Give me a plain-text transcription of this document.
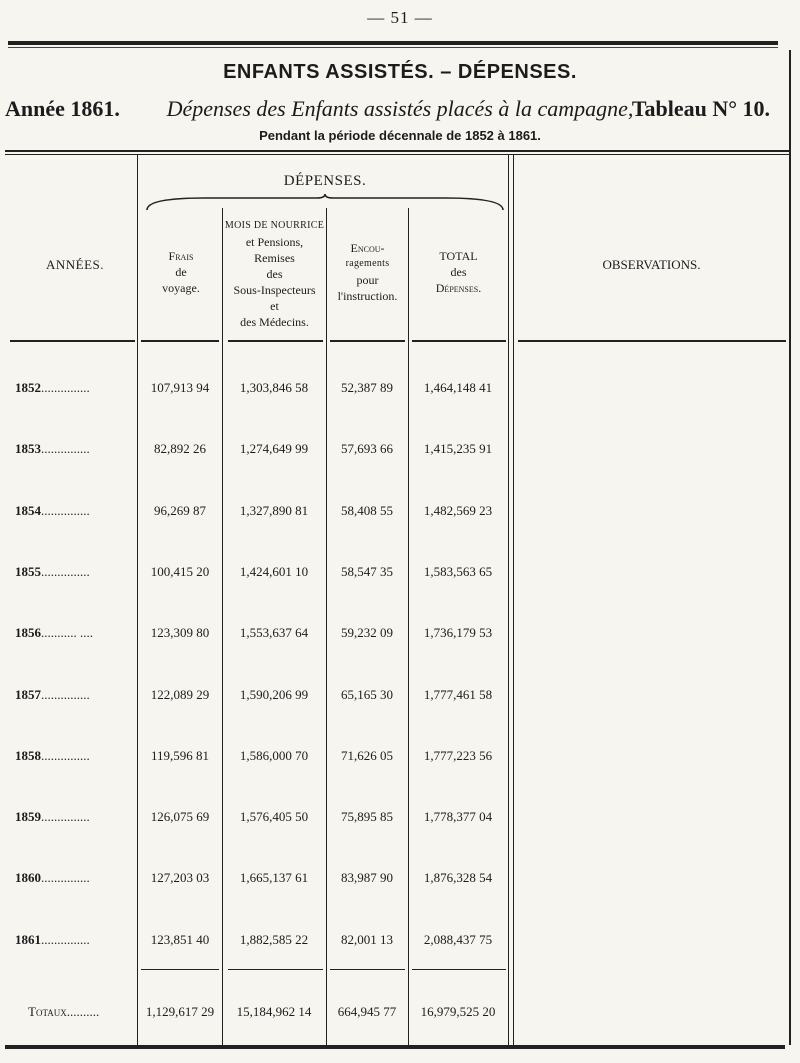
— 51 —
ENFANTS ASSISTÉS. – DÉPENSES.
Année 1861.	Dépenses des Enfants assistés placés à la campagne,
Tableau N° 10.
Pendant la période décennale de 1852 à 1861.
DÉPENSES.
ANNÉES.
Frais
de
voyage.
MOIS DE NOURRICE
et Pensions,
Remises
des
Sous-Inspecteurs
et
des Médecins.
Encou-
ragements
pour
l'instruction.
TOTAL
des
Dépenses.
OBSERVATIONS.
1852...............	107,913 94	1,303,846 58	52,387 89	1,464,148 41
1853...............	82,892 26	1,274,649 99	57,693 66	1,415,235 91
1854...............	96,269 87	1,327,890 81	58,408 55	1,482,569 23
1855...............	100,415 20	1,424,601 10	58,547 35	1,583,563 65
1856........... ....	123,309 80	1,553,637 64	59,232 09	1,736,179 53
1857...............	122,089 29	1,590,206 99	65,165 30	1,777,461 58
1858...............	119,596 81	1,586,000 70	71,626 05	1,777,223 56
1859...............	126,075 69	1,576,405 50	75,895 85	1,778,377 04
1860...............	127,203 03	1,665,137 61	83,987 90	1,876,328 54
1861...............	123,851 40	1,882,585 22	82,001 13	2,088,437 75
Totaux..........	1,129,617 29	15,184,962 14	664,945 77	16,979,525 20
